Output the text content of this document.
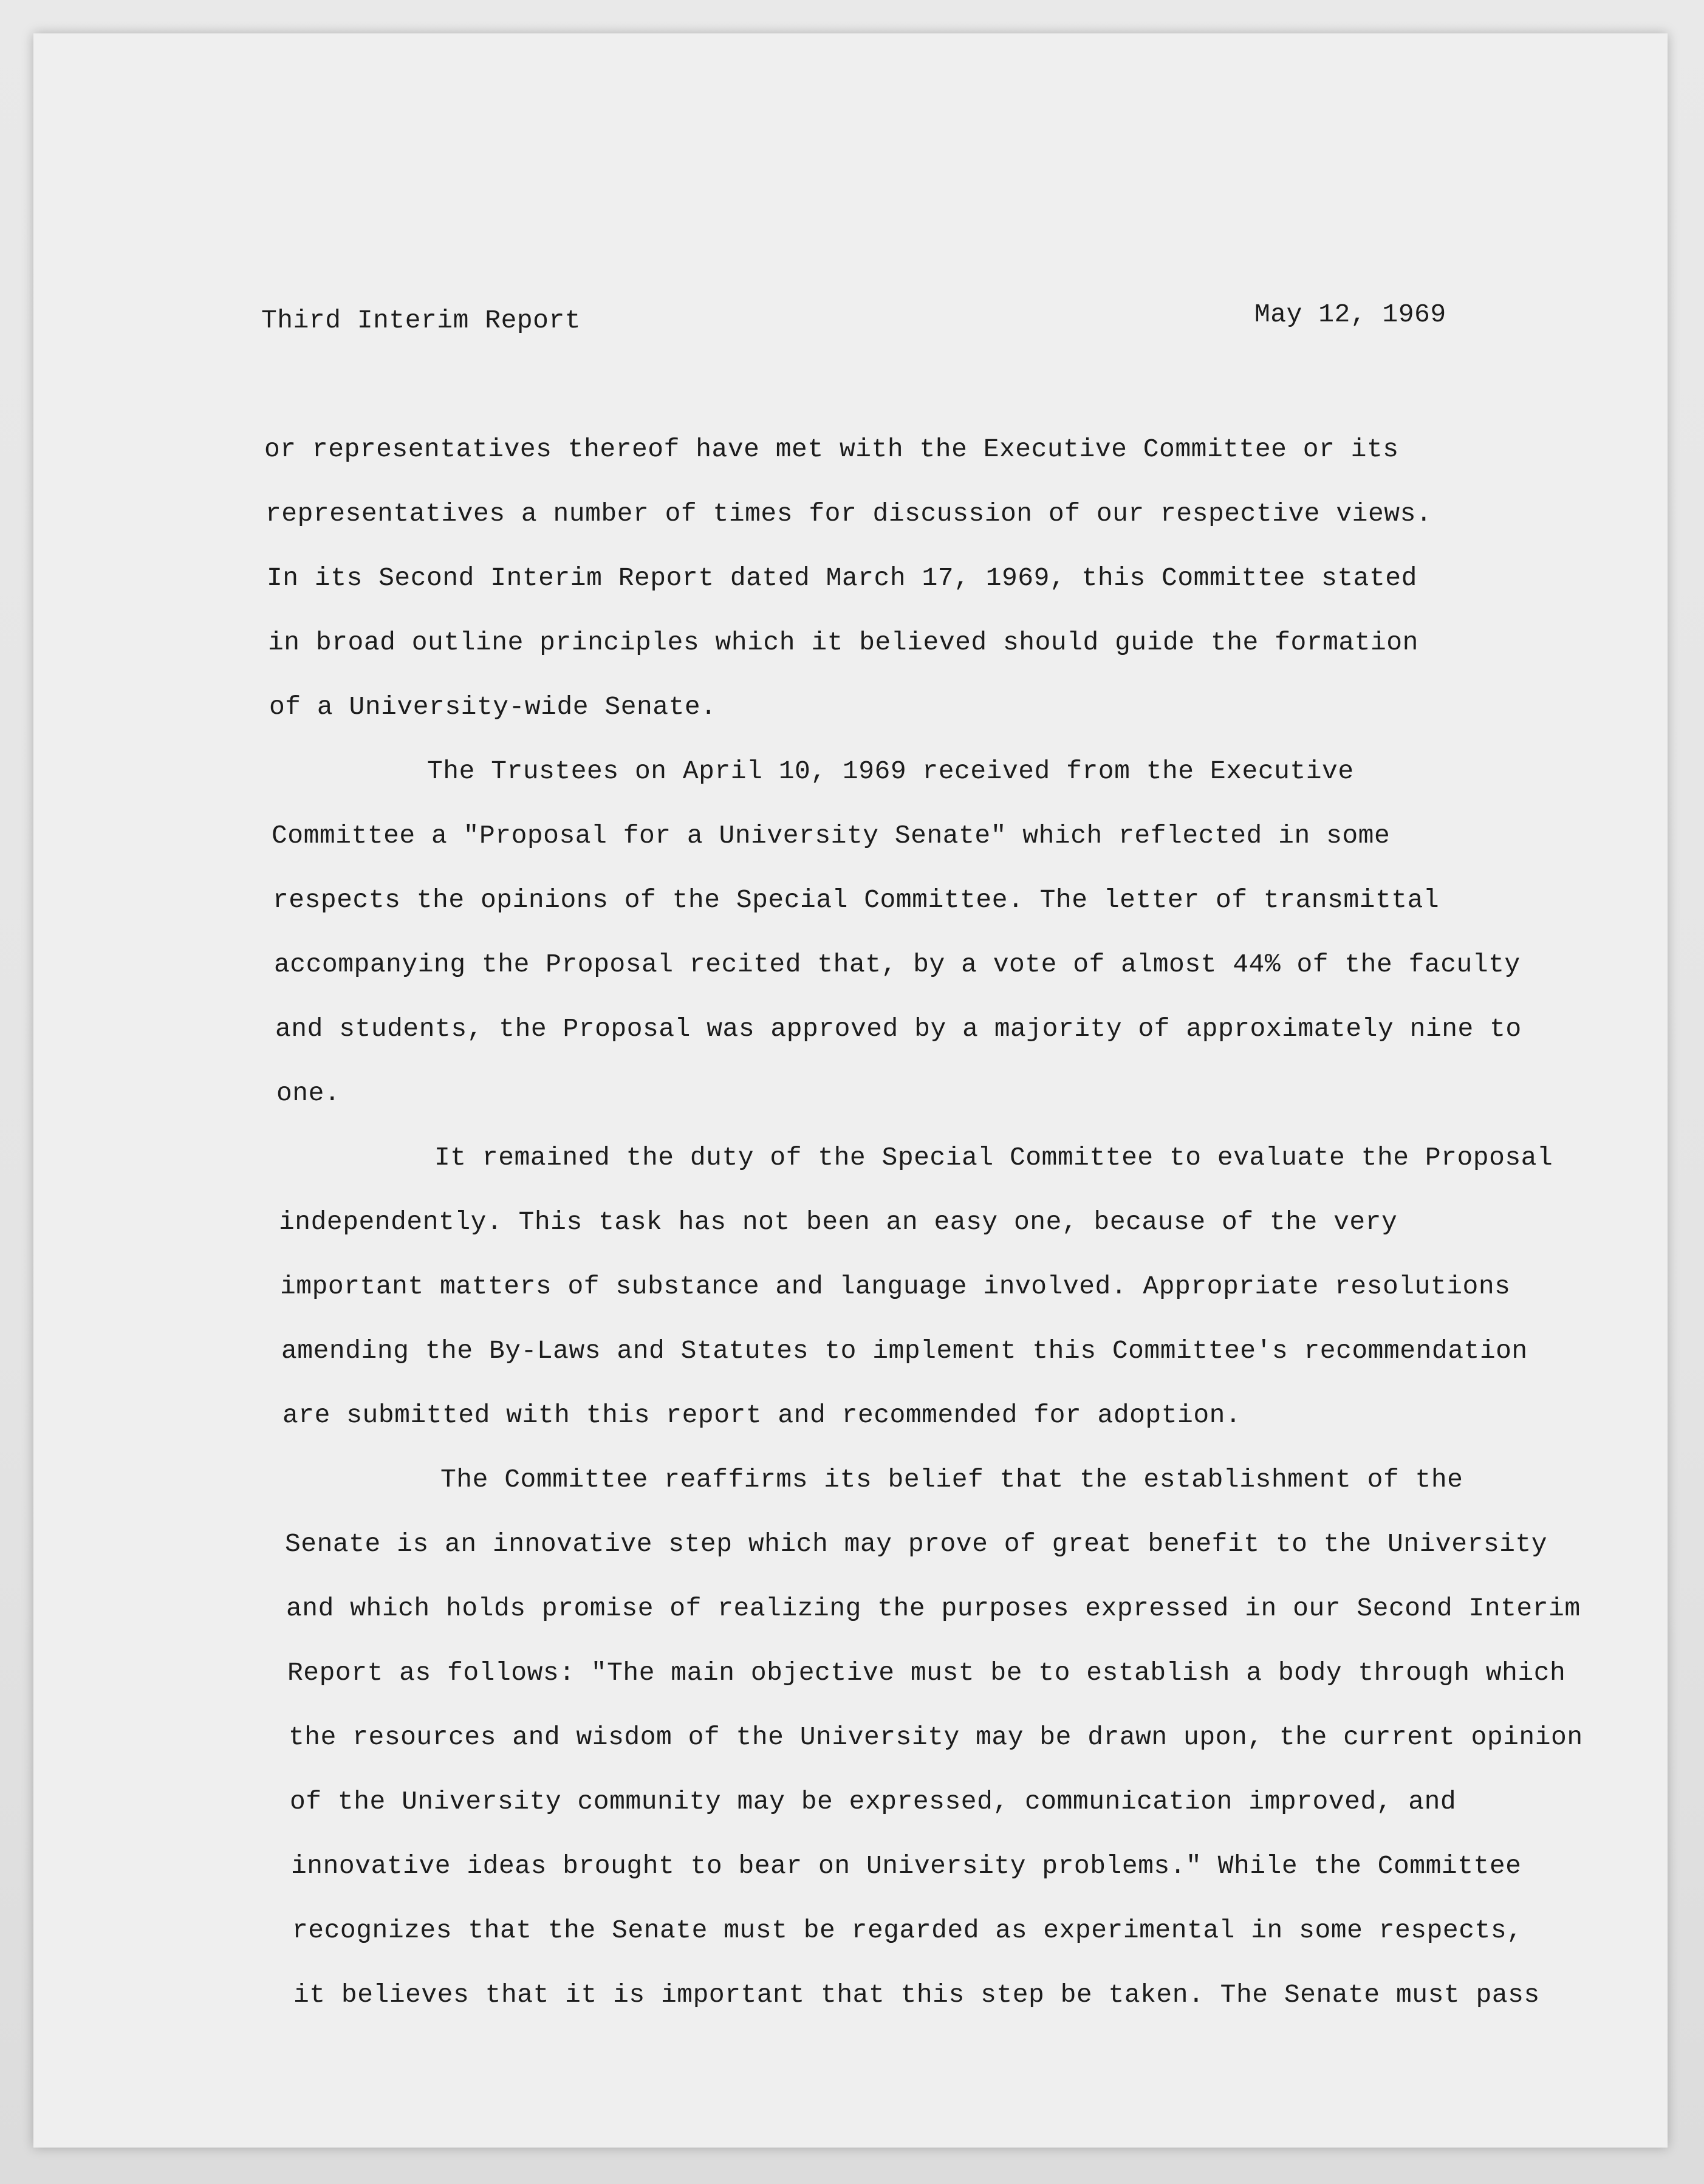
Third Interim Report	May 12, 1969
or representatives thereof have met with the Executive Committee or its
representatives a number of times for discussion of our respective views.
In its Second Interim Report dated March 17, 1969, this Committee stated
in broad outline principles which it believed should guide the formation
of a University-wide Senate.
The Trustees on April 10, 1969 received from the Executive
Committee a "Proposal for a University Senate" which reflected in some
respects the opinions of the Special Committee. The letter of transmittal
accompanying the Proposal recited that, by a vote of almost 44% of the faculty
and students, the Proposal was approved by a majority of approximately nine to
one.
It remained the duty of the Special Committee to evaluate the Proposal
independently. This task has not been an easy one, because of the very
important matters of substance and language involved. Appropriate resolutions
amending the By-Laws and Statutes to implement this Committee's recommendation
are submitted with this report and recommended for adoption.
The Committee reaffirms its belief that the establishment of the
Senate is an innovative step which may prove of great benefit to the University
and which holds promise of realizing the purposes expressed in our Second Interim
Report as follows: "The main objective must be to establish a body through which
the resources and wisdom of the University may be drawn upon, the current opinion
of the University community may be expressed, communication improved, and
innovative ideas brought to bear on University problems." While the Committee
recognizes that the Senate must be regarded as experimental in some respects,
it believes that it is important that this step be taken. The Senate must pass
